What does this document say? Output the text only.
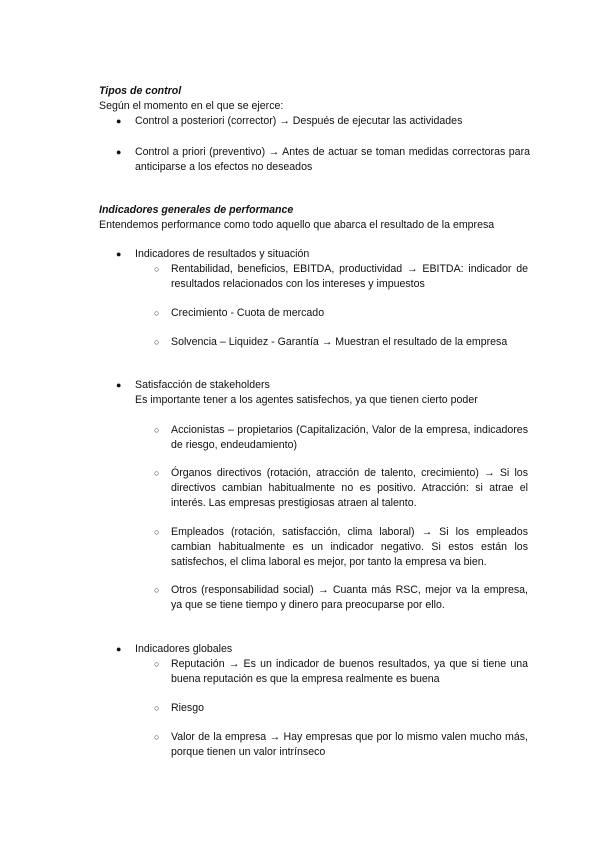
Tipos de control
Según el momento en el que se ejerce:
● Control a posteriori (corrector) → Después de ejecutar las actividades
● Control a priori (preventivo) → Antes de actuar se toman medidas correctoras para anticiparse a los efectos no deseados
Indicadores generales de performance
Entendemos performance como todo aquello que abarca el resultado de la empresa
● Indicadores de resultados y situación
○ Rentabilidad, beneficios, EBITDA, productividad → EBITDA: indicador de resultados relacionados con los intereses y impuestos
○ Crecimiento - Cuota de mercado
○ Solvencia – Liquidez - Garantía → Muestran el resultado de la empresa
● Satisfacción de stakeholders
Es importante tener a los agentes satisfechos, ya que tienen cierto poder
○ Accionistas – propietarios (Capitalización, Valor de la empresa, indicadores de riesgo, endeudamiento)
○ Órganos directivos (rotación, atracción de talento, crecimiento) → Si los directivos cambian habitualmente no es positivo. Atracción: si atrae el interés. Las empresas prestigiosas atraen al talento.
○ Empleados (rotación, satisfacción, clima laboral) → Si los empleados cambian habitualmente es un indicador negativo. Si estos están los satisfechos, el clima laboral es mejor, por tanto la empresa va bien.
○ Otros (responsabilidad social) → Cuanta más RSC, mejor va la empresa, ya que se tiene tiempo y dinero para preocuparse por ello.
● Indicadores globales
○ Reputación → Es un indicador de buenos resultados, ya que si tiene una buena reputación es que la empresa realmente es buena
○ Riesgo
○ Valor de la empresa → Hay empresas que por lo mismo valen mucho más, porque tienen un valor intrínseco
